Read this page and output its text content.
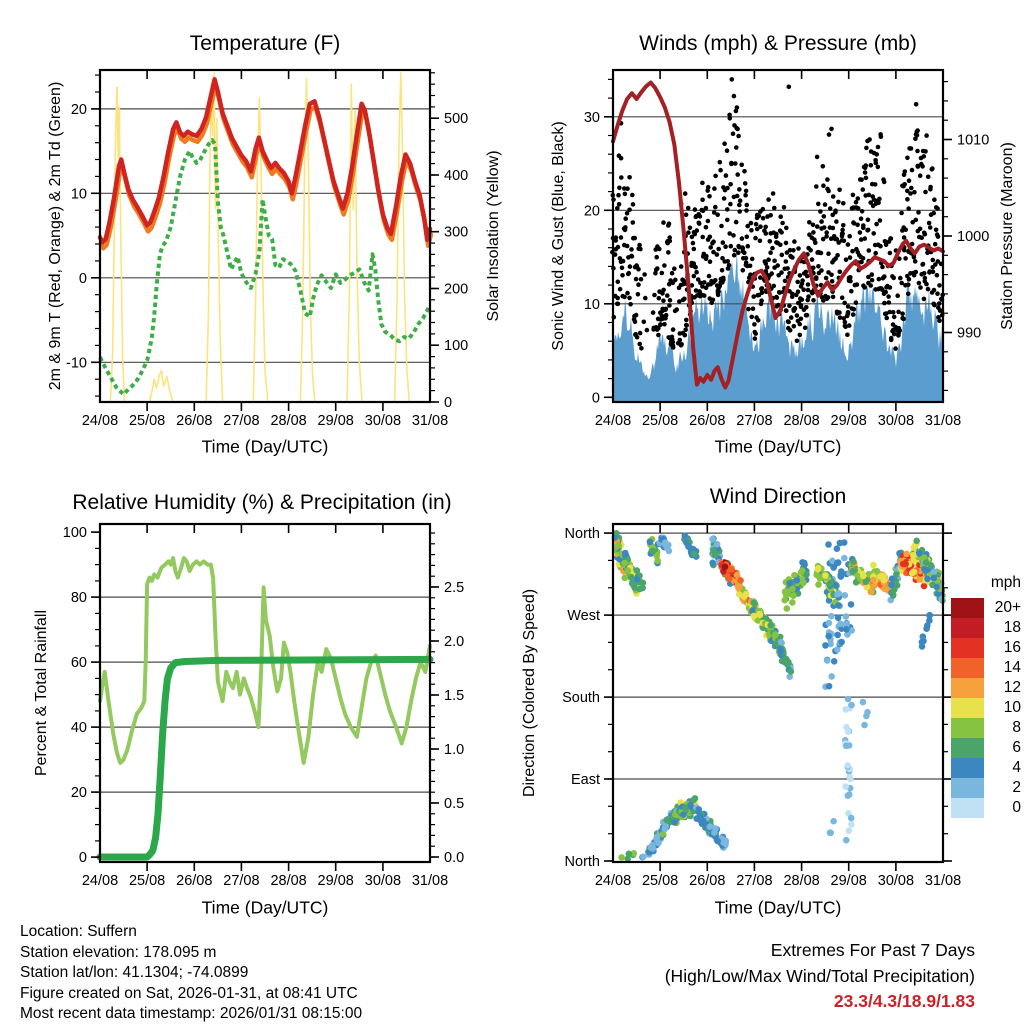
24/08 25/08 26/08 27/08 28/08 29/08 30/08 31/08
-10
0
10
20
0
100
200
300
400
500
24/08 25/08 26/08 27/08 28/08 29/08 30/08 31/08
0
10
20
30
990
1000
1010
24/08 25/08 26/08 27/08 28/08 29/08 30/08 31/08
0
20
40
60
80
100
0.0
0.5
1.0
1.5
2.0
2.5
24/08 25/08 26/08 27/08 28/08 29/08 30/08 31/08
North
East
South
West
North
Temperature (F)	Winds (mph) & Pressure (mb)
Relative Humidity (%) & Precipitation (in)	Wind Direction
Time (Day/UTC)	Time (Day/UTC)
Time (Day/UTC)	Time (Day/UTC)
2m & 9m T (Red, Orange) & 2m Td (Green)	Solar Insolation (Yellow)	Sonic Wind & Gust (Blue, Black)	Station Pressure (Maroon)
Percent & Total Rainfall	Direction (Colored By Speed)
mph
20+
18
16
14
12
10
8
6
4
2
0
Location: Suffern
Station elevation: 178.095 m
Station lat/lon: 41.1304; -74.0899
Figure created on Sat, 2026-01-31, at 08:41 UTC
Most recent data timestamp: 2026/01/31 08:15:00
Extremes For Past 7 Days
(High/Low/Max Wind/Total Precipitation)
23.3/4.3/18.9/1.83
